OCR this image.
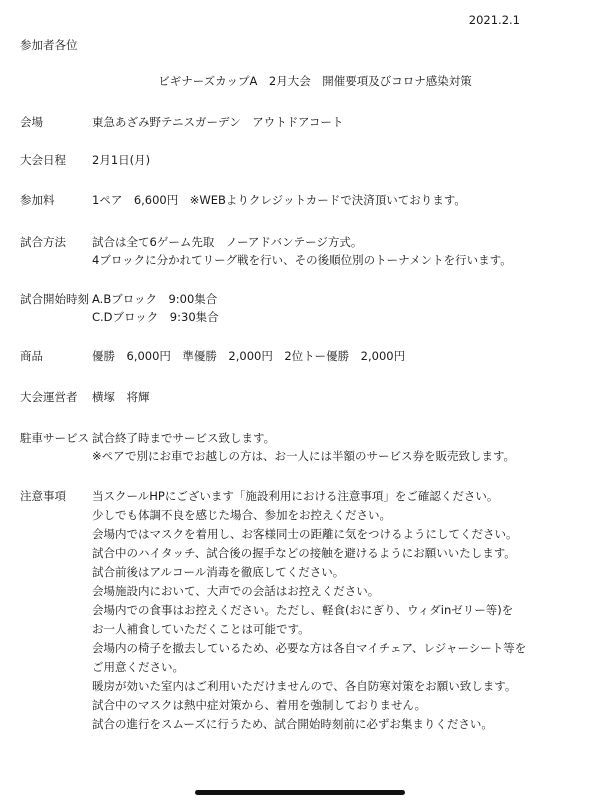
2021.2.1
参加者各位
ビギナーズカップA　2月大会　開催要項及びコロナ感染対策
会場	東急あざみ野テニスガーデン　アウトドアコート
大会日程 2月1日(月)
参加料	1ペア　6,600円　※WEBよりクレジットカードで決済頂いております。
試合方法 試合は全て6ゲーム先取　ノーアドバンテージ方式。
4ブロックに分かれてリーグ戦を行い、その後順位別のトーナメントを行います。
試合開始時刻 A.Bブロック　9:00集合
C.Dブロック　9:30集合
商品	優勝　6,000円　準優勝　2,000円　2位トー優勝　2,000円
大会運営者 横塚　将輝
駐車サービス 試合終了時までサービス致します。
※ペアで別にお車でお越しの方は、お一人には半額のサービス券を販売致します。
注意事項 当スクールHPにございます「施設利用における注意事項」をご確認ください。
少しでも体調不良を感じた場合、参加をお控えください。
会場内ではマスクを着用し、お客様同士の距離に気をつけるようにしてください。
試合中のハイタッチ、試合後の握手などの接触を避けるようにお願いいたします。
試合前後はアルコール消毒を徹底してください。
会場施設内において、大声での会話はお控えください。
会場内での食事はお控えください。ただし、軽食(おにぎり、ウィダinゼリー等)を
お一人補食していただくことは可能です。
会場内の椅子を撤去しているため、必要な方は各自マイチェア、レジャーシート等を
ご用意ください。
暖房が効いた室内はご利用いただけませんので、各自防寒対策をお願い致します。
試合中のマスクは熱中症対策から、着用を強制しておりません。
試合の進行をスムーズに行うため、試合開始時刻前に必ずお集まりください。
